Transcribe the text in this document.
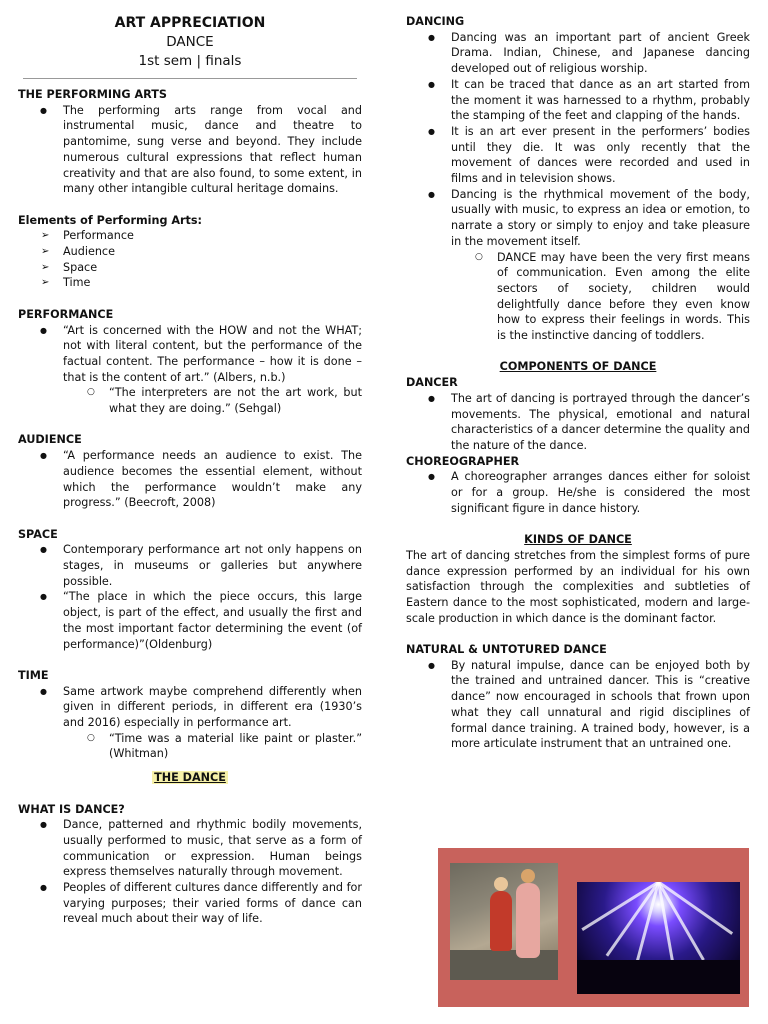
ART APPRECIATION
DANCE
1st sem | finals
THE PERFORMING ARTS
● The performing arts range from vocal and instrumental music, dance and theatre to pantomime, sung verse and beyond. They include numerous cultural expressions that reflect human creativity and that are also found, to some extent, in many other intangible cultural heritage domains.
Elements of Performing Arts:
➢ Performance
➢ Audience
➢ Space
➢ Time
PERFORMANCE
● “Art is concerned with the HOW and not the WHAT; not with literal content, but the performance of the factual content. The performance – how it is done – that is the content of art.” (Albers, n.b.)
○ “The interpreters are not the art work, but what they are doing.” (Sehgal)
AUDIENCE
● “A performance needs an audience to exist. The audience becomes the essential element, without which the performance wouldn’t make any progress.” (Beecroft, 2008)
SPACE
● Contemporary performance art not only happens on stages, in museums or galleries but anywhere possible.
● “The place in which the piece occurs, this large object, is part of the effect, and usually the first and the most important factor determining the event (of performance)”(Oldenburg)
TIME
● Same artwork maybe comprehend differently when given in different periods, in different era (1930’s and 2016) especially in performance art.
○ “Time was a material like paint or plaster.” (Whitman)
THE DANCE
WHAT IS DANCE?
● Dance, patterned and rhythmic bodily movements, usually performed to music, that serve as a form of communication or expression. Human beings express themselves naturally through movement.
● Peoples of different cultures dance differently and for varying purposes; their varied forms of dance can reveal much about their way of life.
DANCING
● Dancing was an important part of ancient Greek Drama. Indian, Chinese, and Japanese dancing developed out of religious worship.
● It can be traced that dance as an art started from the moment it was harnessed to a rhythm, probably the stamping of the feet and clapping of the hands.
● It is an art ever present in the performers’ bodies until they die. It was only recently that the movement of dances were recorded and used in films and in television shows.
● Dancing is the rhythmical movement of the body, usually with music, to express an idea or emotion, to narrate a story or simply to enjoy and take pleasure in the movement itself.
○ DANCE may have been the very first means of communication. Even among the elite sectors of society, children would delightfully dance before they even know how to express their feelings in words. This is the instinctive dancing of toddlers.
COMPONENTS OF DANCE
DANCER
● The art of dancing is portrayed through the dancer’s movements. The physical, emotional and natural characteristics of a dancer determine the quality and the nature of the dance.
CHOREOGRAPHER
● A choreographer arranges dances either for soloist or for a group. He/she is considered the most significant figure in dance history.
KINDS OF DANCE

The art of dancing stretches from the simplest forms of pure dance expression performed by an individual for his own satisfaction through the complexities and subtleties of Eastern dance to the most sophisticated, modern and large-scale production in which dance is the dominant factor.

NATURAL & UNTOTURED DANCE
● By natural impulse, dance can be enjoyed both by the trained and untrained dancer. This is “creative dance” now encouraged in schools that frown upon what they call unnatural and rigid disciplines of formal dance training. A trained body, however, is a more articulate instrument that an untrained one.
